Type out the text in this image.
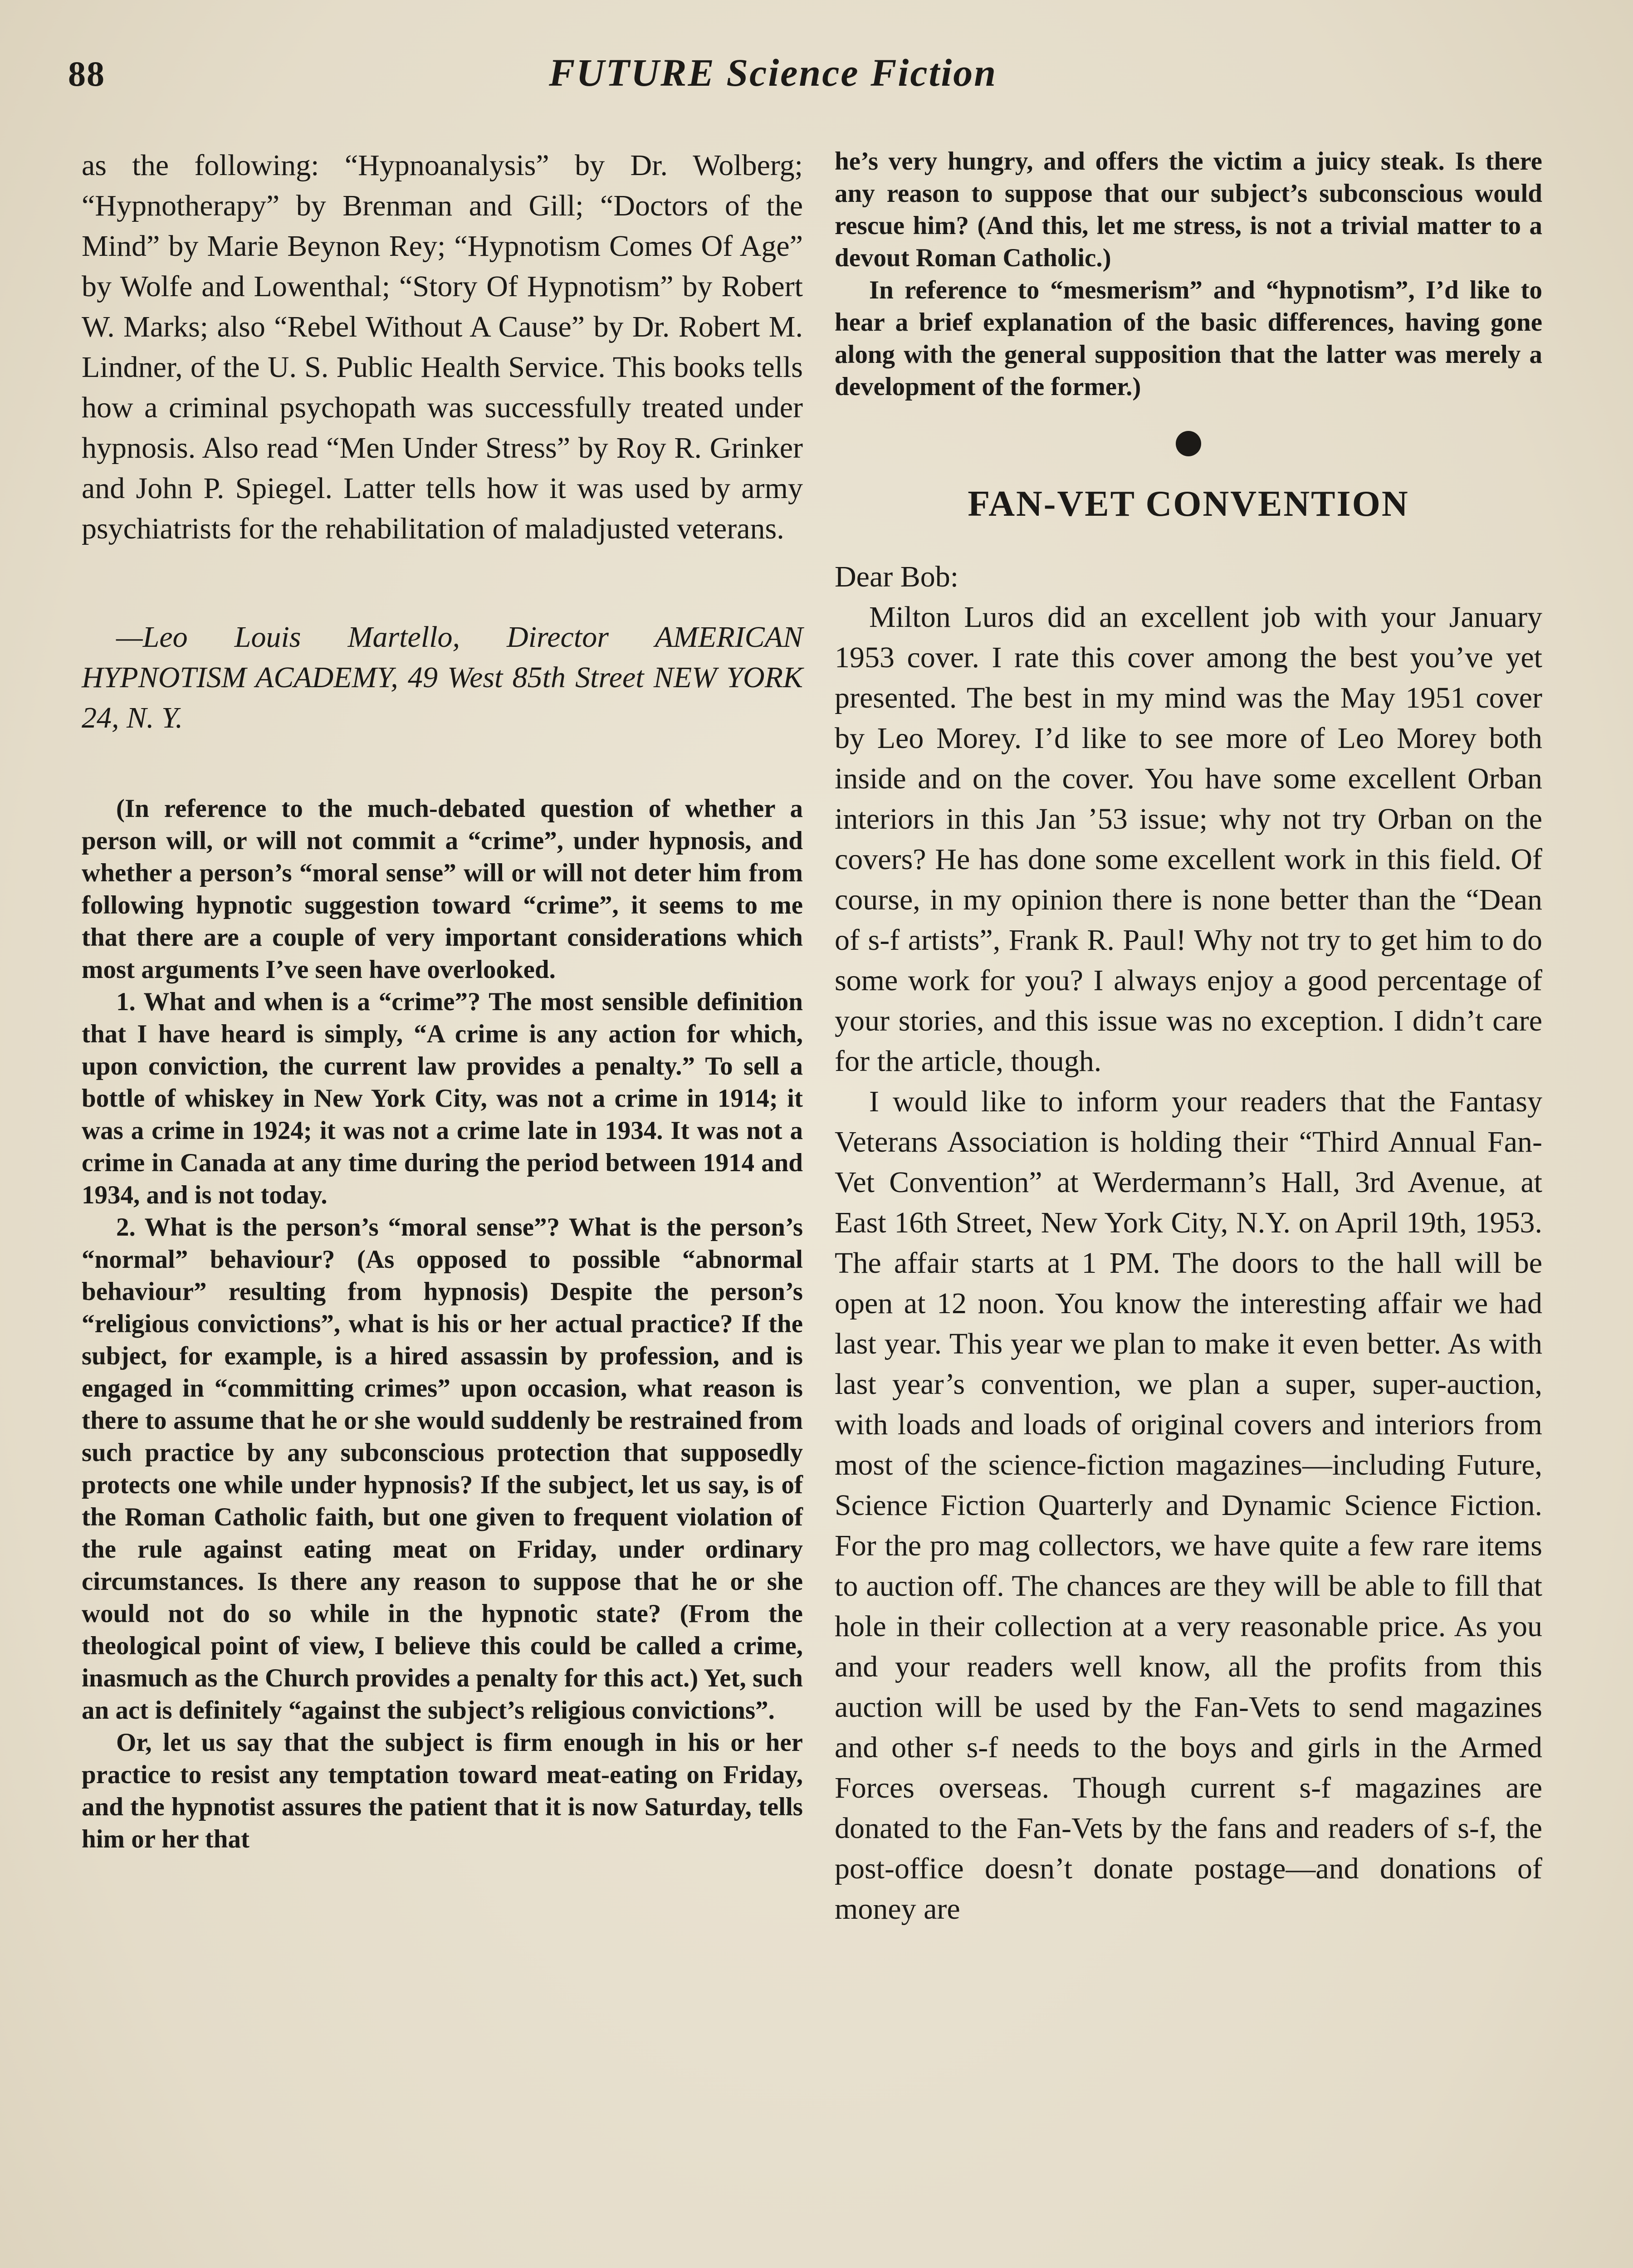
88	FUTURE Science Fiction

as the following: “Hypnoanalysis” by Dr. Wolberg; “Hypnotherapy” by Brenman and Gill; “Doctors of the Mind” by Marie Beynon Rey; “Hypnotism Comes Of Age” by Wolfe and Lowenthal; “Story Of Hypnotism” by Robert W. Marks; also “Rebel Without A Cause” by Dr. Robert M. Lindner, of the U. S. Public Health Service. This books tells how a criminal psychopath was successfully treated under hypnosis. Also read “Men Under Stress” by Roy R. Grinker and John P. Spiegel. Latter tells how it was used by army psychiatrists for the rehabilitation of maladjusted veterans.

—Leo Louis Martello, Director AMERICAN HYPNOTISM ACADEMY, 49 West 85th Street NEW YORK 24, N. Y.

(In reference to the much-debated question of whether a person will, or will not commit a “crime”, under hypnosis, and whether a person’s “moral sense” will or will not deter him from following hypnotic suggestion toward “crime”, it seems to me that there are a couple of very important considerations which most arguments I’ve seen have overlooked.

1. What and when is a “crime”? The most sensible definition that I have heard is simply, “A crime is any action for which, upon conviction, the current law provides a penalty.” To sell a bottle of whiskey in New York City, was not a crime in 1914; it was a crime in 1924; it was not a crime late in 1934. It was not a crime in Canada at any time during the period between 1914 and 1934, and is not today.

2. What is the person’s “moral sense”? What is the person’s “normal” behaviour? (As opposed to possible “abnormal behaviour” resulting from hypnosis) Despite the person’s “religious convictions”, what is his or her actual practice? If the subject, for example, is a hired assassin by profession, and is engaged in “committing crimes” upon occasion, what reason is there to assume that he or she would suddenly be restrained from such practice by any subconscious protection that supposedly protects one while under hypnosis? If the subject, let us say, is of the Roman Catholic faith, but one given to frequent violation of the rule against eating meat on Friday, under ordinary circumstances. Is there any reason to suppose that he or she would not do so while in the hypnotic state? (From the theological point of view, I believe this could be called a crime, inasmuch as the Church provides a penalty for this act.) Yet, such an act is definitely “against the subject’s religious convictions”.

Or, let us say that the subject is firm enough in his or her practice to resist any temptation toward meat-eating on Friday, and the hypnotist assures the patient that it is now Saturday, tells him or her that

he’s very hungry, and offers the victim a juicy steak. Is there any reason to suppose that our subject’s subconscious would rescue him? (And this, let me stress, is not a trivial matter to a devout Roman Catholic.)

In reference to “mesmerism” and “hypnotism”, I’d like to hear a brief explanation of the basic differences, having gone along with the general supposition that the latter was merely a development of the former.)

FAN-VET CONVENTION

Dear Bob:

Milton Luros did an excellent job with your January 1953 cover. I rate this cover among the best you’ve yet presented. The best in my mind was the May 1951 cover by Leo Morey. I’d like to see more of Leo Morey both inside and on the cover. You have some excellent Orban interiors in this Jan ’53 issue; why not try Orban on the covers? He has done some excellent work in this field. Of course, in my opinion there is none better than the “Dean of s-f artists”, Frank R. Paul! Why not try to get him to do some work for you? I always enjoy a good percentage of your stories, and this issue was no exception. I didn’t care for the article, though.

I would like to inform your readers that the Fantasy Veterans Association is holding their “Third Annual Fan-Vet Convention” at Werdermann’s Hall, 3rd Avenue, at East 16th Street, New York City, N.Y. on April 19th, 1953. The affair starts at 1 PM. The doors to the hall will be open at 12 noon. You know the interesting affair we had last year. This year we plan to make it even better. As with last year’s convention, we plan a super, super-auction, with loads and loads of original covers and interiors from most of the science-fiction magazines—including Future, Science Fiction Quarterly and Dynamic Science Fiction. For the pro mag collectors, we have quite a few rare items to auction off. The chances are they will be able to fill that hole in their collection at a very reasonable price. As you and your readers well know, all the profits from this auction will be used by the Fan-Vets to send magazines and other s-f needs to the boys and girls in the Armed Forces overseas. Though current s-f magazines are donated to the Fan-Vets by the fans and readers of s-f, the post-office doesn’t donate postage—and donations of money are
